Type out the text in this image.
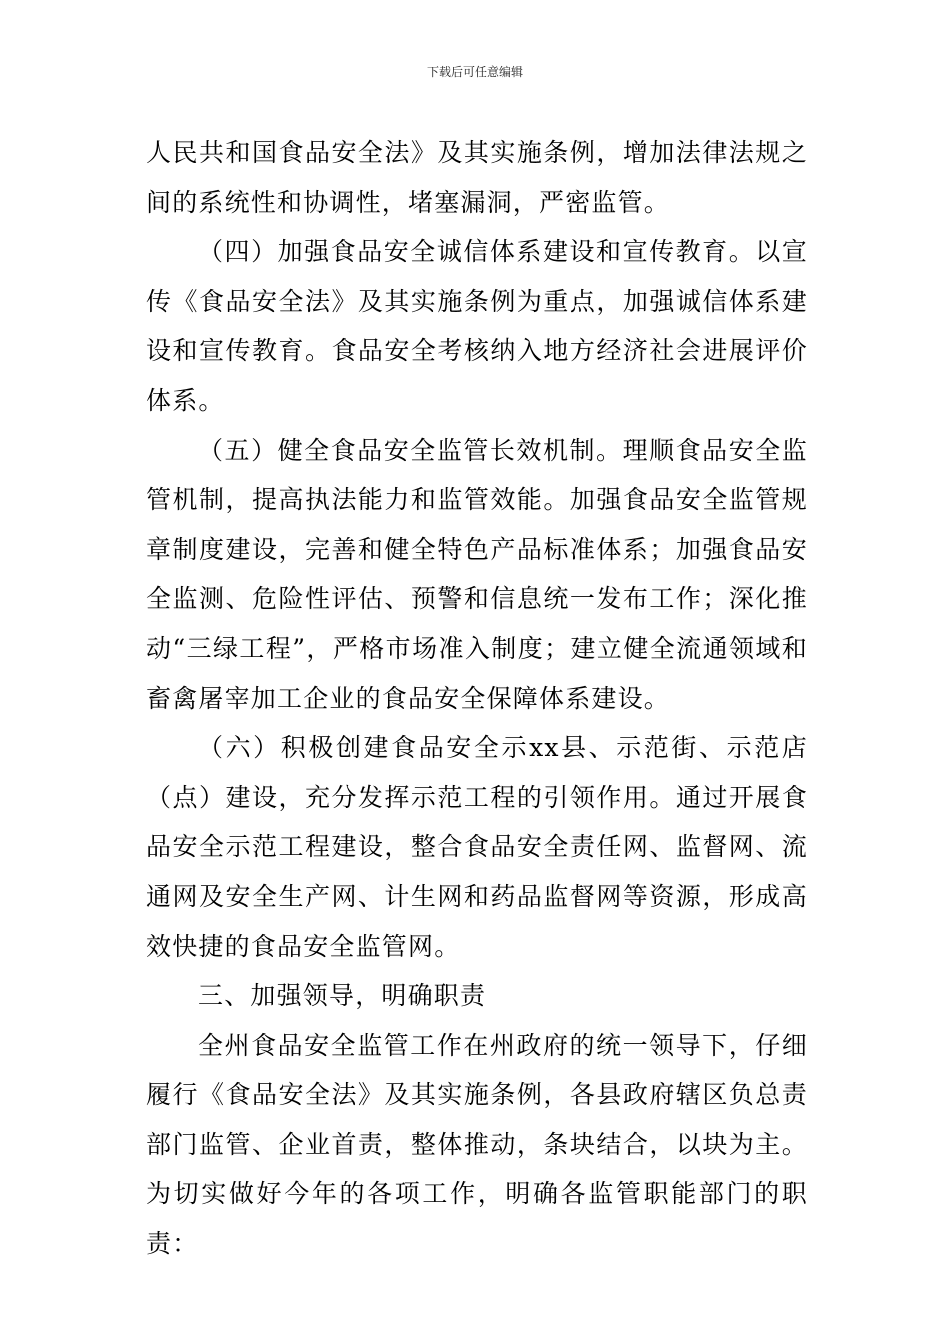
下载后可任意编辑

人民共和国食品安全法》及其实施条例，增加法律法规之间的系统性和协调性，堵塞漏洞，严密监管。

（四）加强食品安全诚信体系建设和宣传教育。以宣传《食品安全法》及其实施条例为重点，加强诚信体系建设和宣传教育。食品安全考核纳入地方经济社会进展评价体系。

（五）健全食品安全监管长效机制。理顺食品安全监管机制，提高执法能力和监管效能。加强食品安全监管规章制度建设，完善和健全特色产品标准体系；加强食品安全监测、危险性评估、预警和信息统一发布工作；深化推动“三绿工程”，严格市场准入制度；建立健全流通领域和畜禽屠宰加工企业的食品安全保障体系建设。

（六）积极创建食品安全示xx县、示范街、示范店（点）建设，充分发挥示范工程的引领作用。通过开展食品安全示范工程建设，整合食品安全责任网、监督网、流通网及安全生产网、计生网和药品监督网等资源，形成高效快捷的食品安全监管网。

三、加强领导，明确职责

全州食品安全监管工作在州政府的统一领导下，仔细履行《食品安全法》及其实施条例，各县政府辖区负总责部门监管、企业首责，整体推动，条块结合，以块为主。为切实做好今年的各项工作，明确各监管职能部门的职责：
